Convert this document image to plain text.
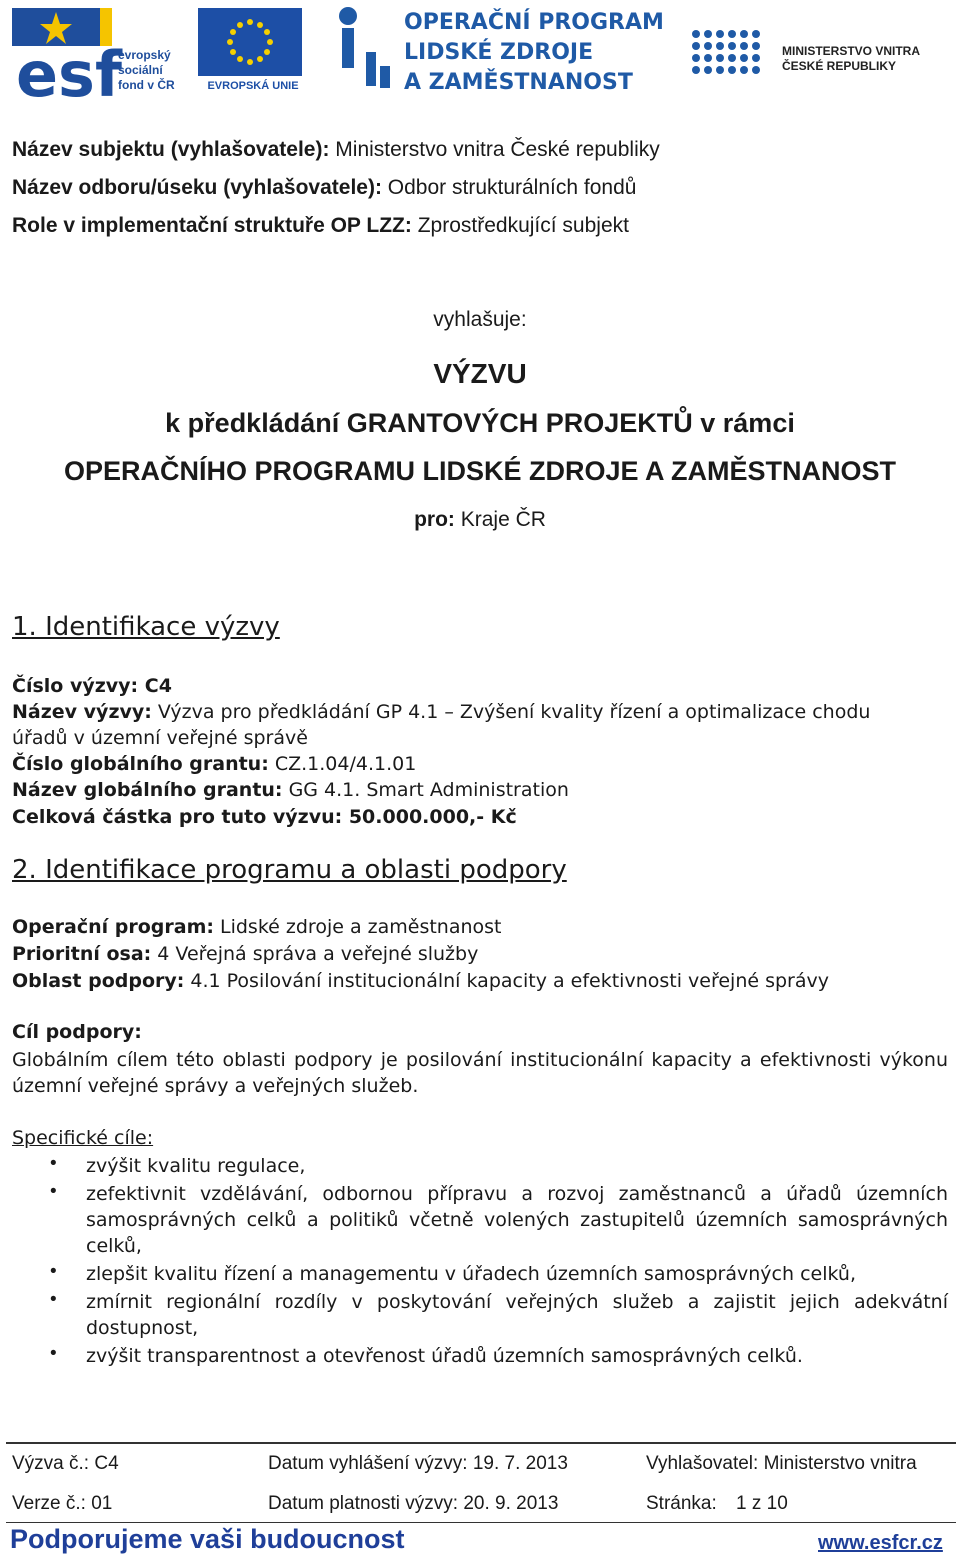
esf
evropský
sociální
fond v ČR	EVROPSKÁ UNIE
OPERAČNÍ PROGRAM
LIDSKÉ ZDROJE
A ZAMĚSTNANOST
MINISTERSTVO VNITRA
ČESKÉ REPUBLIKY
Název subjektu (vyhlašovatele): Ministerstvo vnitra České republiky
Název odboru/úseku (vyhlašovatele): Odbor strukturálních fondů
Role v implementační struktuře OP LZZ: Zprostředkující subjekt
vyhlašuje:
VÝZVU
k předkládání GRANTOVÝCH PROJEKTŮ v rámci
OPERAČNÍHO PROGRAMU LIDSKÉ ZDROJE A ZAMĚSTNANOST
pro: Kraje ČR
1. Identifikace výzvy
Číslo výzvy: C4
Název výzvy: Výzva pro předkládání GP 4.1 – Zvýšení kvality řízení a optimalizace chodu
úřadů v územní veřejné správě
Číslo globálního grantu: CZ.1.04/4.1.01
Název globálního grantu: GG 4.1. Smart Administration
Celková částka pro tuto výzvu: 50.000.000,- Kč
2. Identifikace programu a oblasti podpory
Operační program: Lidské zdroje a zaměstnanost
Prioritní osa: 4 Veřejná správa a veřejné služby
Oblast podpory: 4.1 Posilování institucionální kapacity a efektivnosti veřejné správy
Cíl podpory:
Globálním cílem této oblasti podpory je posilování institucionální kapacity a efektivnosti výkonu územní veřejné správy a veřejných služeb.
Specifické cíle:
• zvýšit kvalitu regulace,
• zefektivnit vzdělávání, odbornou přípravu a rozvoj zaměstnanců a úřadů územních samosprávných celků a politiků včetně volených zastupitelů územních samosprávných celků,
• zlepšit kvalitu řízení a managementu v úřadech územních samosprávných celků,
• zmírnit regionální rozdíly v poskytování veřejných služeb a zajistit jejich adekvátní dostupnost,
• zvýšit transparentnost a otevřenost úřadů územních samosprávných celků.
Výzva č.: C4	Datum vyhlášení výzvy: 19. 7. 2013	Vyhlašovatel: Ministerstvo vnitra
Verze č.: 01	Datum platnosti výzvy: 20. 9. 2013	Stránka: 1 z 10
Podporujeme vaši budoucnost	www.esfcr.cz
